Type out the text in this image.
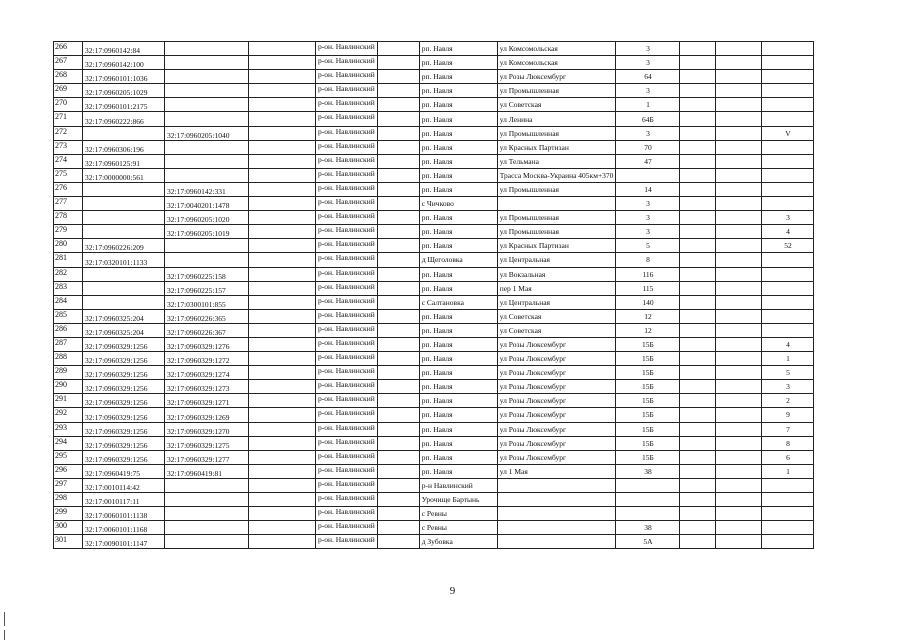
266	32:17:0960142:84			р-он. Навлинский		рп. Навля	ул Комсомольская	3			
267	32:17:0960142:100			р-он. Навлинский		рп. Навля	ул Комсомольская	3			
268	32:17:0960101:1036			р-он. Навлинский		рп. Навля	ул Розы Люксембург	64			
269	32:17:0960205:1029			р-он. Навлинский		рп. Навля	ул Промышленная	3			
270	32:17:0960101:2175			р-он. Навлинский		рп. Навля	ул Советская	1			
271	32:17:0960222:866			р-он. Навлинский		рп. Навля	ул Ленина	64Б			
272		32:17:0960205:1040		р-он. Навлинский		рп. Навля	ул Промышленная	3			V
273	32:17:0960306:196			р-он. Навлинский		рп. Навля	ул Красных Партизан	70			
274	32:17:0960125:91			р-он. Навлинский		рп. Навля	ул Тельмана	47			
275	32:17:0000000:561			р-он. Навлинский		рп. Навля	Трасса Москва-Украина 405км+370				
276		32:17:0960142:331		р-он. Навлинский		рп. Навля	ул Промышленная	14			
277		32:17:0040201:1478		р-он. Навлинский		с Чичково		3			
278		32:17:0960205:1020		р-он. Навлинский		рп. Навля	ул Промышленная	3			3
279		32:17:0960205:1019		р-он. Навлинский		рп. Навля	ул Промышленная	3			4
280	32:17:0960226:209			р-он. Навлинский		рп. Навля	ул Красных Партизан	5			52
281	32:17:0320101:1133			р-он. Навлинский		д Щеголовка	ул Центральная	8			
282		32:17:0960225:158		р-он. Навлинский		рп. Навля	ул Вокзальная	116			
283		32:17:0960225:157		р-он. Навлинский		рп. Навля	пер 1 Мая	115			
284		32:17:0300101:855		р-он. Навлинский		с Салтановка	ул Центральная	140			
285	32:17:0960325:204	32:17:0960226:365		р-он. Навлинский		рп. Навля	ул Советская	12			
286	32:17:0960325:204	32:17:0960226:367		р-он. Навлинский		рп. Навля	ул Советская	12			
287	32:17:0960329:1256	32:17:0960329:1276		р-он. Навлинский		рп. Навля	ул Розы Люксембург	15Б			4
288	32:17:0960329:1256	32:17:0960329:1272		р-он. Навлинский		рп. Навля	ул Розы Люксембург	15Б			1
289	32:17:0960329:1256	32:17:0960329:1274		р-он. Навлинский		рп. Навля	ул Розы Люксембург	15Б			5
290	32:17:0960329:1256	32:17:0960329:1273		р-он. Навлинский		рп. Навля	ул Розы Люксембург	15Б			3
291	32:17:0960329:1256	32:17:0960329:1271		р-он. Навлинский		рп. Навля	ул Розы Люксембург	15Б			2
292	32:17:0960329:1256	32:17:0960329:1269		р-он. Навлинский		рп. Навля	ул Розы Люксембург	15Б			9
293	32:17:0960329:1256	32:17:0960329:1270		р-он. Навлинский		рп. Навля	ул Розы Люксембург	15Б			7
294	32:17:0960329:1256	32:17:0960329:1275		р-он. Навлинский		рп. Навля	ул Розы Люксембург	15Б			8
295	32:17:0960329:1256	32:17:0960329:1277		р-он. Навлинский		рп. Навля	ул Розы Люксембург	15Б			6
296	32:17:0960419:75	32:17:0960419:81		р-он. Навлинский		рп. Навля	ул 1 Мая	38			1
297	32:17:0010114:42			р-он. Навлинский		р-н Навлинский					
298	32:17:0010117:11			р-он. Навлинский		Урочище Бартынь					
299	32:17:0060101:1138			р-он. Навлинский		с Ревны					
300	32:17:0060101:1168			р-он. Навлинский		с Ревны		38			
301	32:17:0090101:1147			р-он. Навлинский		д Зубовка		5А			
9
